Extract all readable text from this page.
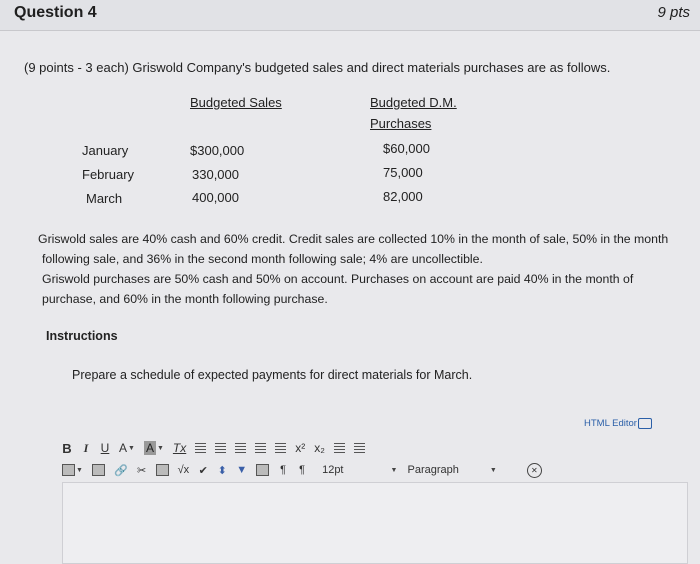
Question 4	9 pts
(9 points - 3 each) Griswold Company's budgeted sales and direct materials purchases are as follows.
Budgeted Sales	Budgeted D.M.
Purchases
January	$300,000	$60,000
February	330,000	75,000
March	400,000	82,000

Griswold sales are 40% cash and 60% credit. Credit sales are collected 10% in the month of sale, 50% in the month

following sale, and 36% in the second month following sale; 4% are uncollectible.

Griswold purchases are 50% cash and 50% on account. Purchases on account are paid 40% in the month of

purchase, and 60% in the month following purchase.

Instructions
Prepare a schedule of expected payments for direct materials for March.
HTML Editor
B I U A ▼ A ▼ Tx	x² x₂
▼	🔗 ✂	√x ✔ ⬍ ▼	¶ ¶ 12pt	▼ Paragraph	▼	✕
